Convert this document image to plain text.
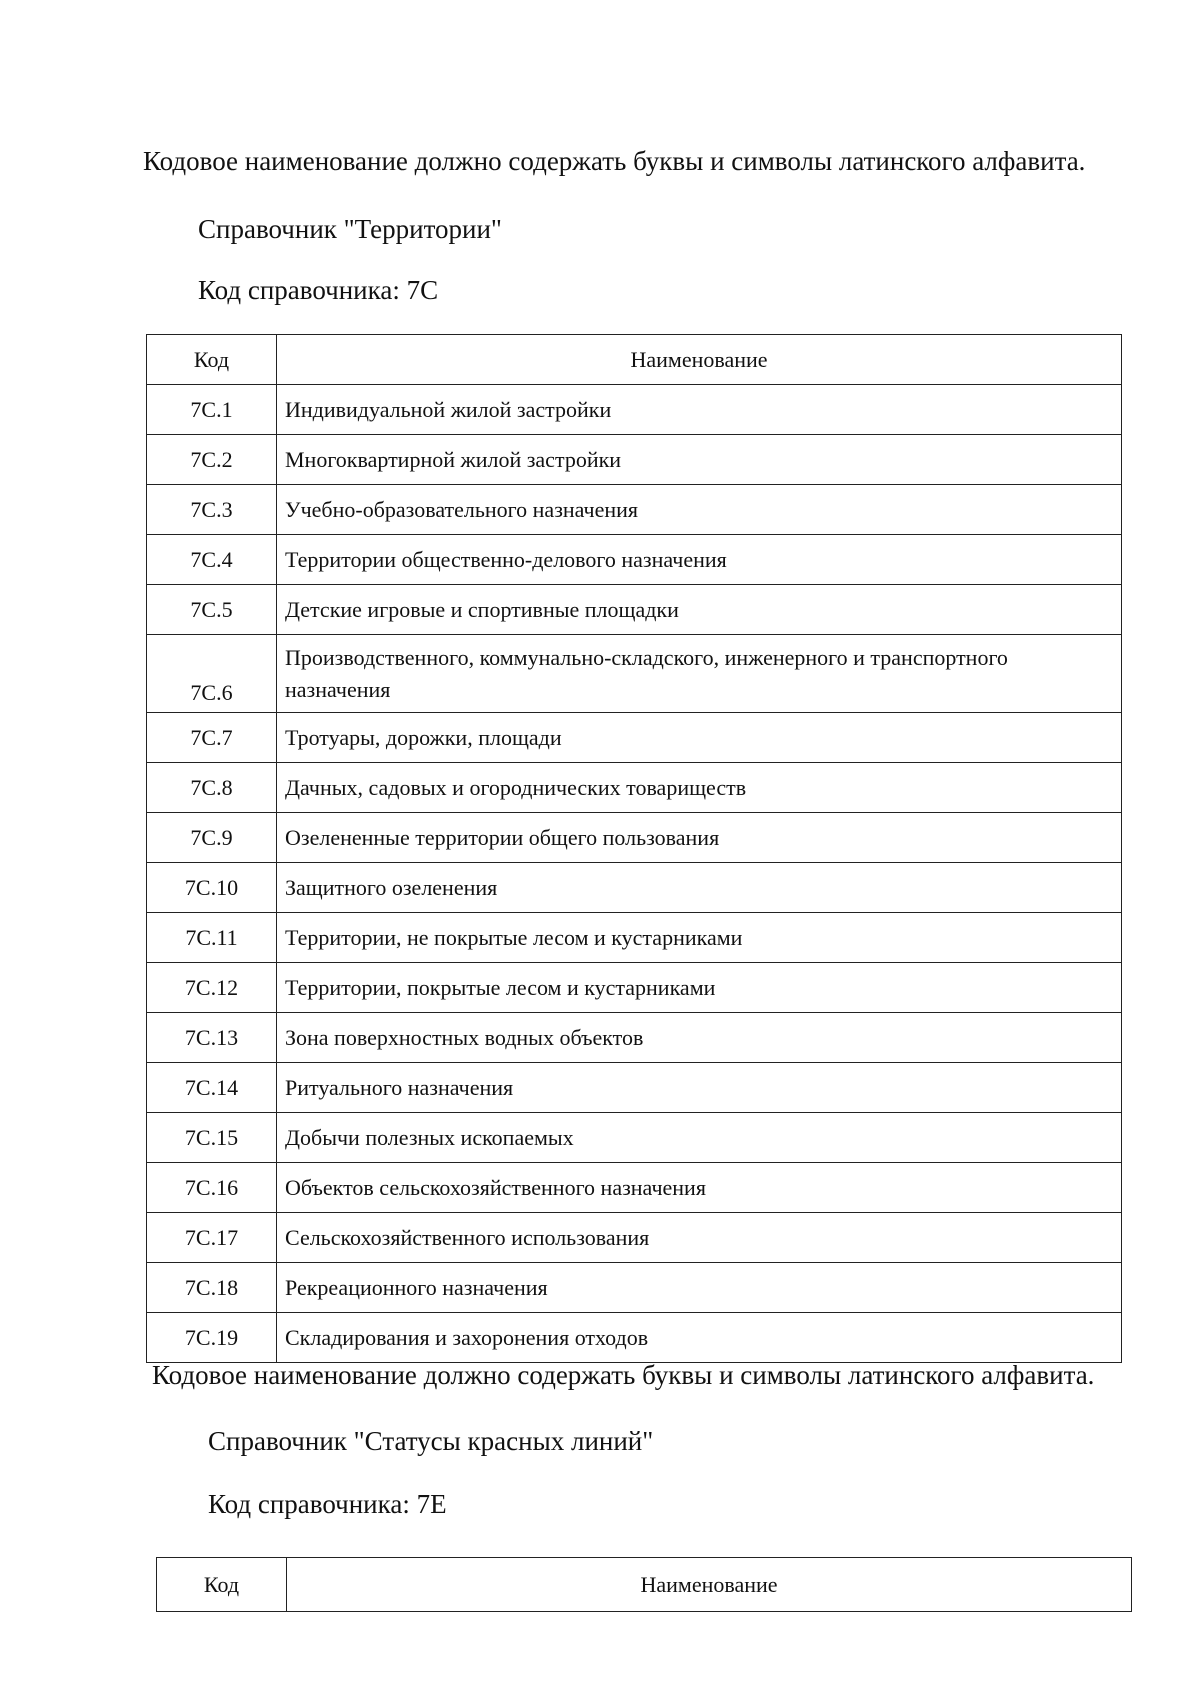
Кодовое наименование должно содержать буквы и символы латинского алфавита.
Справочник "Территории"
Код справочника: 7С
Код	Наименование
7С.1	Индивидуальной жилой застройки
7С.2	Многоквартирной жилой застройки
7С.3	Учебно-образовательного назначения
7С.4	Территории общественно-делового назначения
7С.5	Детские игровые и спортивные площадки
7С.6	Производственного, коммунально-складского, инженерного и транспортного назначения
7С.7	Тротуары, дорожки, площади
7С.8	Дачных, садовых и огороднических товариществ
7С.9	Озелененные территории общего пользования
7С.10	Защитного озеленения
7С.11	Территории, не покрытые лесом и кустарниками
7С.12	Территории, покрытые лесом и кустарниками
7С.13	Зона поверхностных водных объектов
7С.14	Ритуального назначения
7С.15	Добычи полезных ископаемых
7С.16	Объектов сельскохозяйственного назначения
7С.17	Сельскохозяйственного использования
7С.18	Рекреационного назначения
7С.19	Складирования и захоронения отходов
Кодовое наименование должно содержать буквы и символы латинского алфавита.
Справочник "Статусы красных линий"
Код справочника: 7Е
Код	Наименование
